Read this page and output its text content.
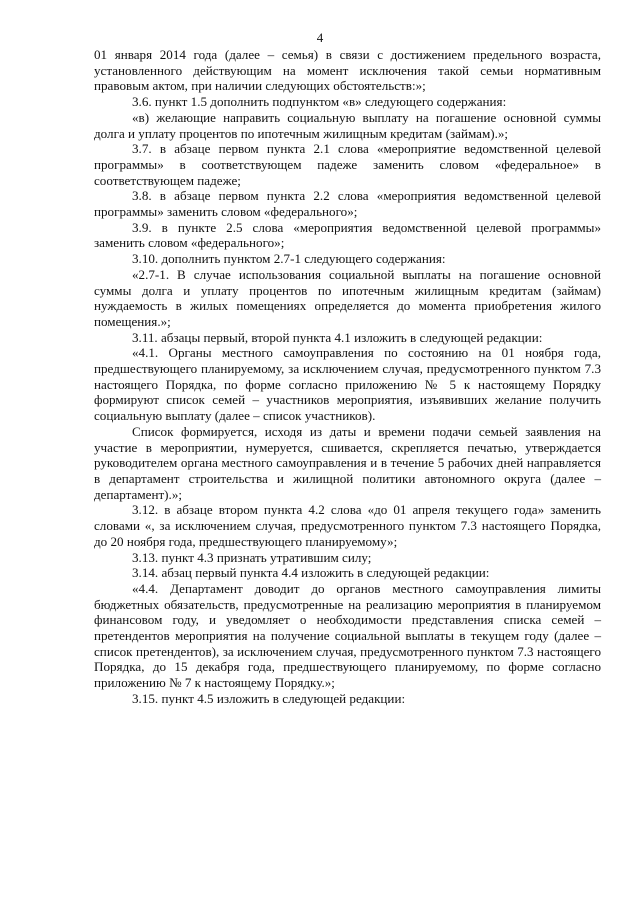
4

01 января 2014 года (далее – семья) в связи с достижением предельного возраста, установленного действующим на момент исключения такой семьи нормативным правовым актом, при наличии следующих обстоятельств:»;

3.6. пункт 1.5 дополнить подпунктом «в» следующего содержания:

«в) желающие направить социальную выплату на погашение основной суммы долга и уплату процентов по ипотечным жилищным кредитам (займам).»;

3.7. в абзаце первом пункта 2.1 слова «мероприятие ведомственной целевой программы» в соответствующем падеже заменить словом «федеральное» в соответствующем падеже;

3.8. в абзаце первом пункта 2.2 слова «мероприятия ведомственной целевой программы» заменить словом «федерального»;

3.9. в пункте 2.5 слова «мероприятия ведомственной целевой программы» заменить словом «федерального»;

3.10. дополнить пунктом 2.7-1 следующего содержания:

«2.7-1. В случае использования социальной выплаты на погашение основной суммы долга и уплату процентов по ипотечным жилищным кредитам (займам) нуждаемость в жилых помещениях определяется до момента приобретения жилого помещения.»;

3.11. абзацы первый, второй пункта 4.1 изложить в следующей редакции:

«4.1. Органы местного самоуправления по состоянию на 01 ноября года, предшествующего планируемому, за исключением случая, предусмотренного пунктом 7.3 настоящего Порядка, по форме согласно приложению № 5 к настоящему Порядку формируют список семей – участников мероприятия, изъявивших желание получить социальную выплату (далее – список участников).

Список формируется, исходя из даты и времени подачи семьей заявления на участие в мероприятии, нумеруется, сшивается, скрепляется печатью, утверждается руководителем органа местного самоуправления и в течение 5 рабочих дней направляется в департамент строительства и жилищной политики автономного округа (далее – департамент).»;

3.12. в абзаце втором пункта 4.2 слова «до 01 апреля текущего года» заменить словами «, за исключением случая, предусмотренного пунктом 7.3 настоящего Порядка, до 20 ноября года, предшествующего планируемому»;

3.13. пункт 4.3 признать утратившим силу;

3.14. абзац первый пункта 4.4 изложить в следующей редакции:

«4.4. Департамент доводит до органов местного самоуправления лимиты бюджетных обязательств, предусмотренные на реализацию мероприятия в планируемом финансовом году, и уведомляет о необходимости представления списка семей – претендентов мероприятия на получение социальной выплаты в текущем году (далее – список претендентов), за исключением случая, предусмотренного пунктом 7.3 настоящего Порядка, до 15 декабря года, предшествующего планируемому, по форме согласно приложению № 7 к настоящему Порядку.»;

3.15. пункт 4.5 изложить в следующей редакции:
